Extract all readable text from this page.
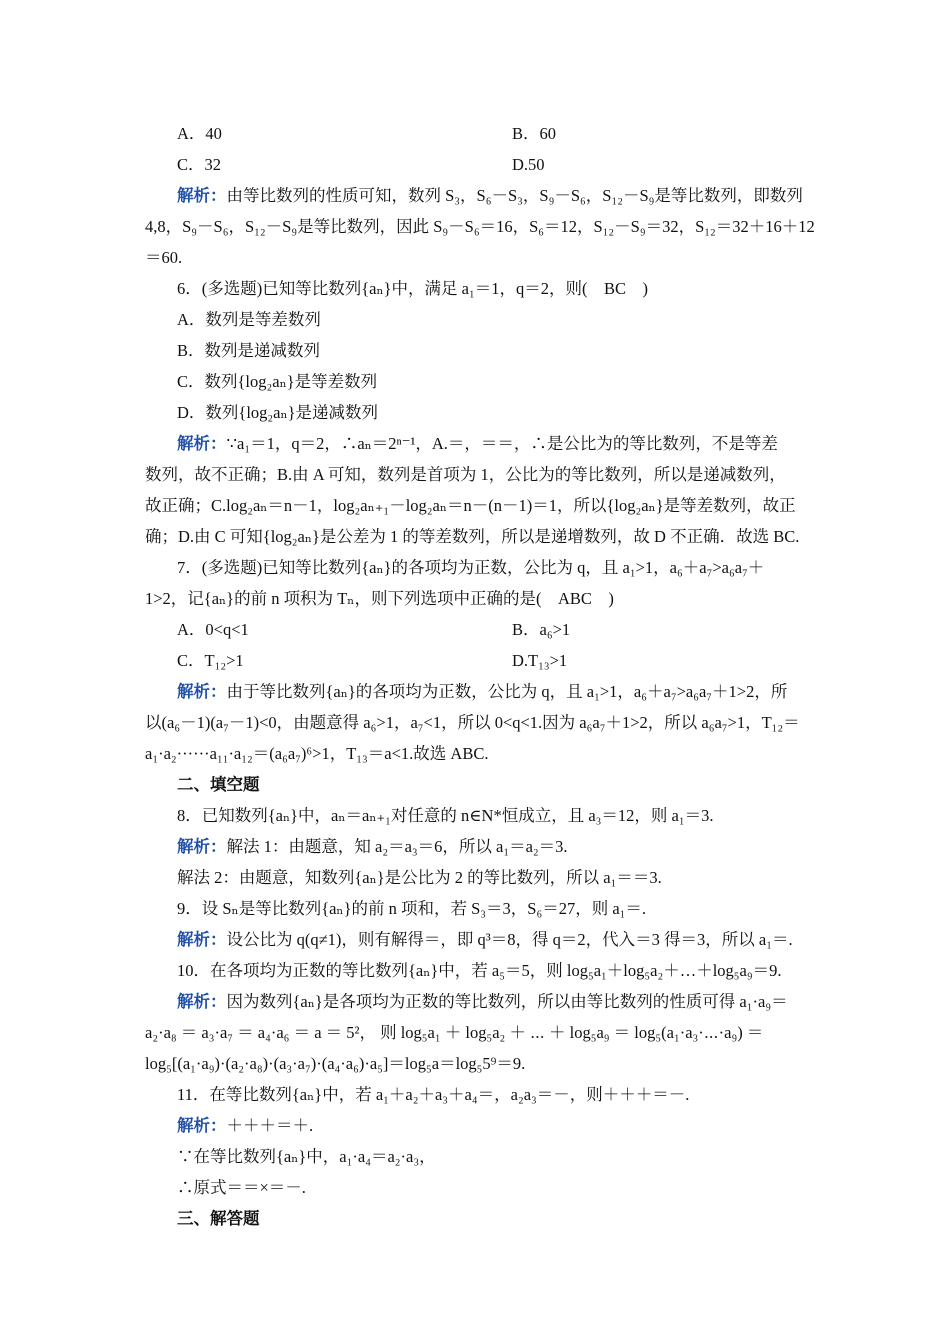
A．40	B．60
C．32	D.50
解析：由等比数列的性质可知，数列 S₃，S₆－S₃，S₉－S₆，S₁₂－S₉是等比数列，即数列
4,8，S₉－S₆，S₁₂－S₉是等比数列，因此 S₉－S₆＝16，S₆＝12，S₁₂－S₉＝32，S₁₂＝32＋16＋12
＝60.
6．(多选题)已知等比数列{aₙ}中，满足 a₁＝1，q＝2，则(　BC　)
A．数列是等差数列
B．数列是递减数列
C．数列{log₂aₙ}是等差数列
D．数列{log₂aₙ}是递减数列
解析：∵a₁＝1，q＝2，∴aₙ＝2ⁿ⁻¹，A.＝，＝＝，∴是公比为的等比数列，不是等差
数列，故不正确；B.由 A 可知，数列是首项为 1，公比为的等比数列，所以是递减数列，
故正确；C.log₂aₙ＝n－1，log₂aₙ₊₁－log₂aₙ＝n－(n－1)＝1，所以{log₂aₙ}是等差数列，故正
确；D.由 C 可知{log₂aₙ}是公差为 1 的等差数列，所以是递增数列，故 D 不正确．故选 BC.
7．(多选题)已知等比数列{aₙ}的各项均为正数，公比为 q，且 a₁>1，a₆＋a₇>a₆a₇＋
1>2，记{aₙ}的前 n 项积为 Tₙ，则下列选项中正确的是(　ABC　)
A．0<q<1	B．a₆>1
C．T₁₂>1	D.T₁₃>1
解析：由于等比数列{aₙ}的各项均为正数，公比为 q，且 a₁>1，a₆＋a₇>a₆a₇＋1>2，所
以(a₆－1)(a₇－1)<0，由题意得 a₆>1，a₇<1，所以 0<q<1.因为 a₆a₇＋1>2，所以 a₆a₇>1，T₁₂＝
a₁·a₂······a₁₁·a₁₂＝(a₆a₇)⁶>1，T₁₃＝a<1.故选 ABC.
二、填空题
8．已知数列{aₙ}中，aₙ＝aₙ₊₁对任意的 n∈N*恒成立，且 a₃＝12，则 a₁＝3.
解析：解法 1：由题意，知 a₂＝a₃＝6，所以 a₁＝a₂＝3.
解法 2：由题意，知数列{aₙ}是公比为 2 的等比数列，所以 a₁＝＝3.
9．设 Sₙ是等比数列{aₙ}的前 n 项和，若 S₃＝3，S₆＝27，则 a₁＝.
解析：设公比为 q(q≠1)，则有解得＝，即 q³＝8，得 q＝2，代入＝3 得＝3，所以 a₁＝.
10．在各项均为正数的等比数列{aₙ}中，若 a₅＝5，则 log₅a₁＋log₅a₂＋…＋log₅a₉＝9.
解析：因为数列{aₙ}是各项均为正数的等比数列，所以由等比数列的性质可得 a₁·a₉＝
a₂·a₈ ＝ a₃·a₇ ＝ a₄·a₆ ＝ a ＝ 5²， 则 log₅a₁ ＋ log₅a₂ ＋ ⋯ ＋ log₅a₉ ＝ log₅(a₁·a₃·⋯·a₉) ＝
log₅[(a₁·a₉)·(a₂·a₈)·(a₃·a₇)·(a₄·a₆)·a₅]＝log₅a＝log₅5⁹＝9.
11．在等比数列{aₙ}中，若 a₁＋a₂＋a₃＋a₄＝，a₂a₃＝－，则＋＋＋＝－.
解析：＋＋＋＝＋.
∵在等比数列{aₙ}中，a₁·a₄＝a₂·a₃，
∴原式＝＝×＝－.
三、解答题
